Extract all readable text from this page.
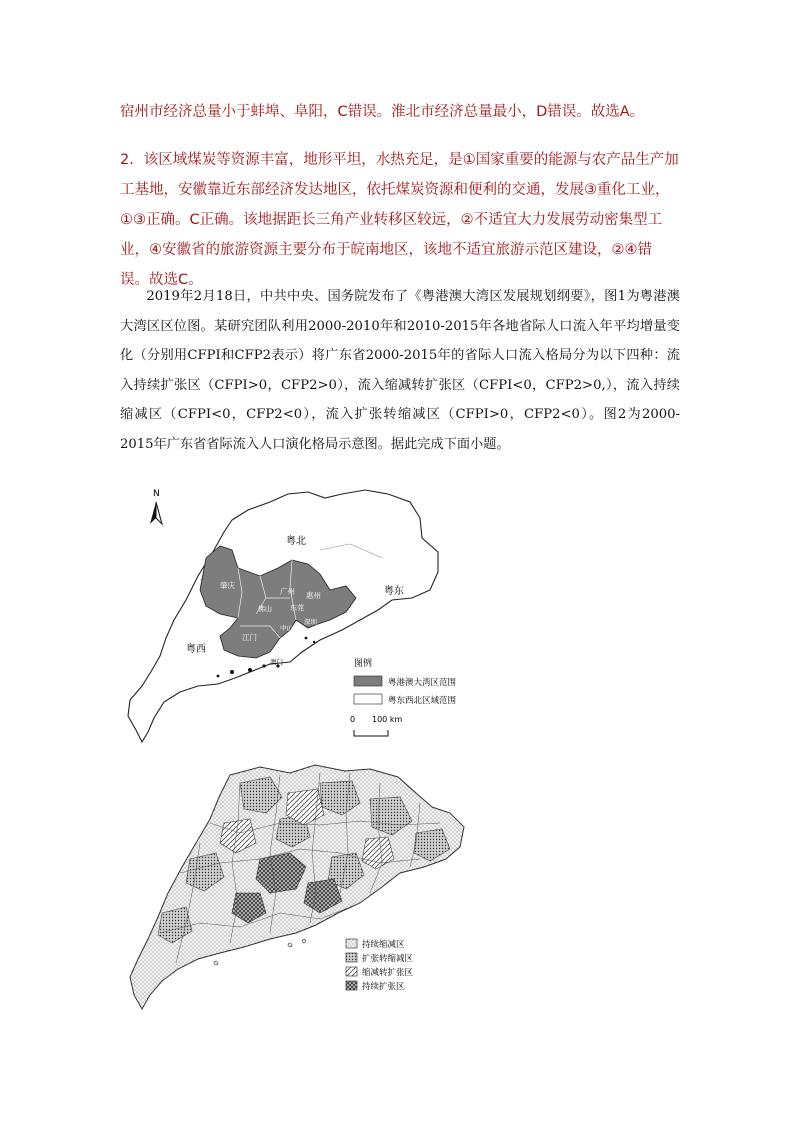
宿州市经济总量小于蚌埠、阜阳，C错误。淮北市经济总量最小，D错误。故选A。
2．该区域煤炭等资源丰富，地形平坦，水热充足，是①国家重要的能源与农产品生产加工基地，安徽靠近东部经济发达地区，依托煤炭资源和便利的交通，发展③重化工业，①③正确。C正确。该地据距长三角产业转移区较远，②不适宜大力发展劳动密集型工业，④安徽省的旅游资源主要分布于皖南地区，该地不适宜旅游示范区建设，②④错误。故选C。

2019年2月18日，中共中央、国务院发布了《粤港澳大湾区发展规划纲要》，图1为粤港澳大湾区区位图。某研究团队利用2000-2010年和2010-2015年各地省际人口流入年平均增量变化（分别用CFPI和CFP2表示）将广东省2000-2015年的省际人口流入格局分为以下四种：流入持续扩张区（CFPI>0，CFP2>0），流入缩减转扩张区（CFPI<0，CFP2>0,），流入持续缩减区（CFPI<0，CFP2<0），流入扩张转缩减区（CFPI>0，CFP2<0）。图2为2000-2015年广东省省际流入人口演化格局示意图。据此完成下面小题。

N
粤北
粤东
粤西
肇庆
广州 惠州
佛山	东莞
深圳
中山
香港
江门
珠海
澳门	图例
粤港澳大湾区范围
粤东西北区域范围
0 100 km
持续缩减区
扩张转缩减区
缩减转扩张区
持续扩张区
